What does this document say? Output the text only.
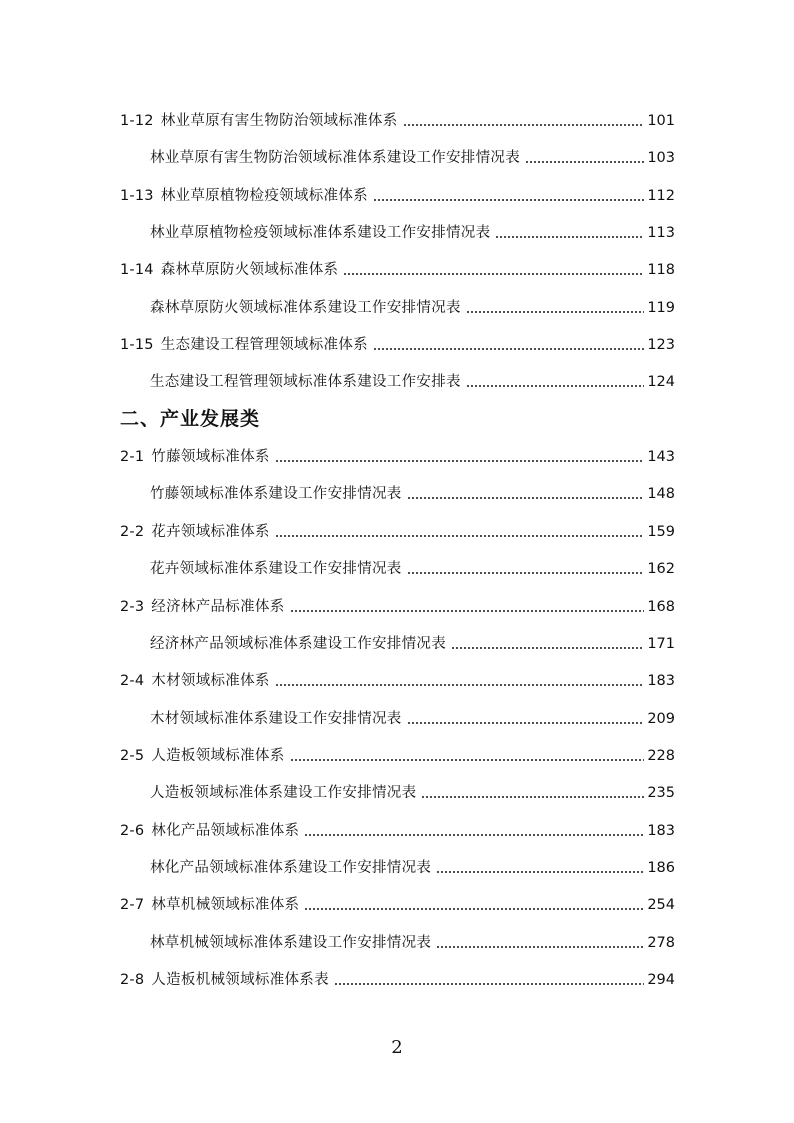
1-12 林业草原有害生物防治领域标准体系	101
林业草原有害生物防治领域标准体系建设工作安排情况表	103
1-13 林业草原植物检疫领域标准体系	112
林业草原植物检疫领域标准体系建设工作安排情况表	113
1-14 森林草原防火领域标准体系	118
森林草原防火领域标准体系建设工作安排情况表	119
1-15 生态建设工程管理领域标准体系	123
生态建设工程管理领域标准体系建设工作安排表	124
二、产业发展类
2-1 竹藤领域标准体系	143
竹藤领域标准体系建设工作安排情况表	148
2-2 花卉领域标准体系	159
花卉领域标准体系建设工作安排情况表	162
2-3 经济林产品标准体系	168
经济林产品领域标准体系建设工作安排情况表	171
2-4 木材领域标准体系	183
木材领域标准体系建设工作安排情况表	209
2-5 人造板领域标准体系	228
人造板领域标准体系建设工作安排情况表	235
2-6 林化产品领域标准体系	183
林化产品领域标准体系建设工作安排情况表	186
2-7 林草机械领域标准体系	254
林草机械领域标准体系建设工作安排情况表	278
2-8 人造板机械领域标准体系表	294
2
